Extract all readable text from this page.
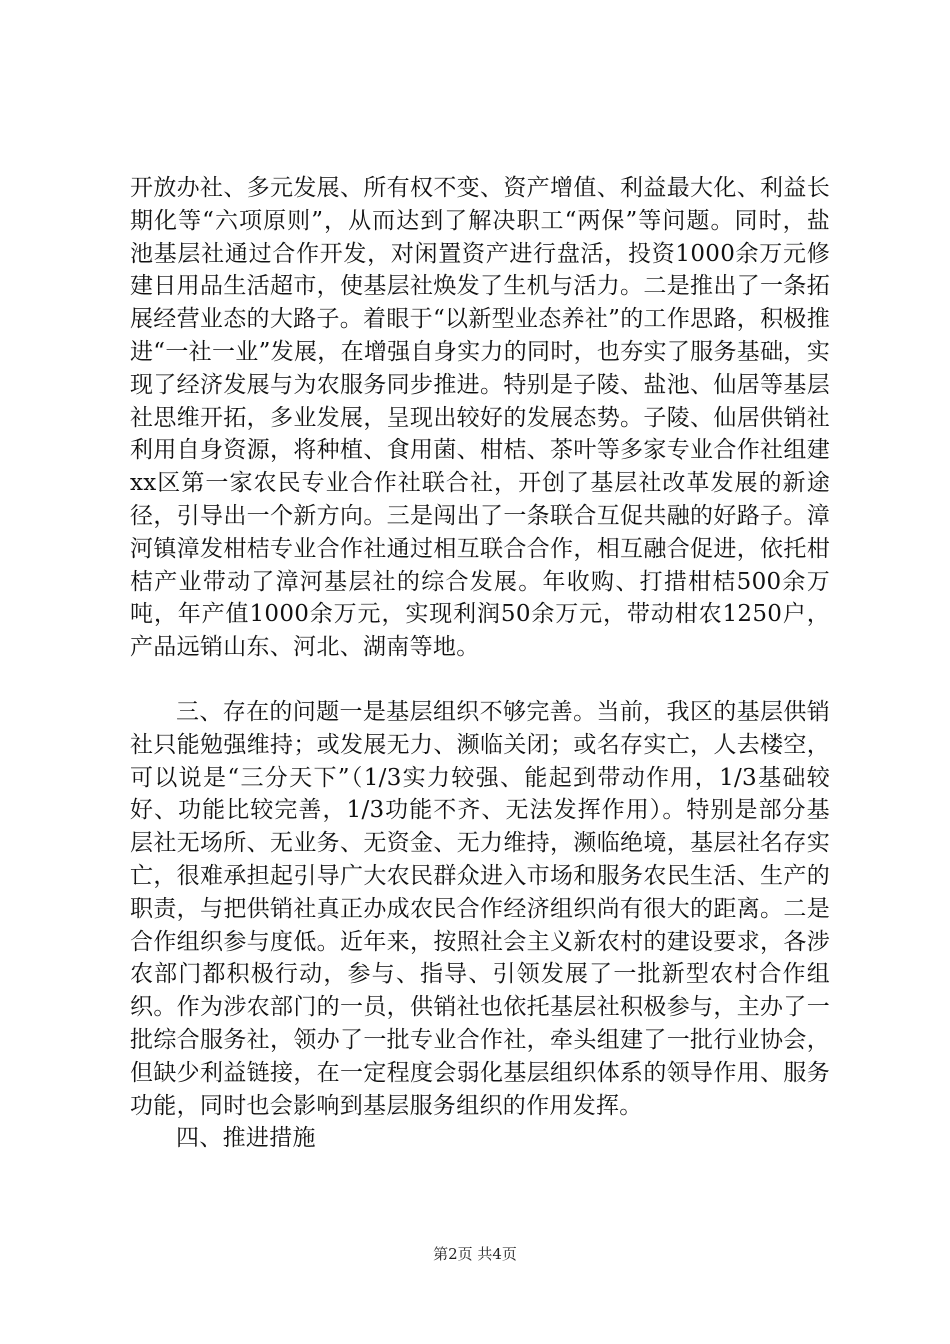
开放办社、多元发展、所有权不变、资产增值、利益最大化、利益长期化等“六项原则”，从而达到了解决职工“两保”等问题。同时，盐池基层社通过合作开发，对闲置资产进行盘活，投资1000余万元修建日用品生活超市，使基层社焕发了生机与活力。二是推出了一条拓展经营业态的大路子。着眼于“以新型业态养社”的工作思路，积极推进“一社一业”发展，在增强自身实力的同时，也夯实了服务基础，实现了经济发展与为农服务同步推进。特别是子陵、盐池、仙居等基层社思维开拓，多业发展，呈现出较好的发展态势。子陵、仙居供销社利用自身资源，将种植、食用菌、柑桔、茶叶等多家专业合作社组建xx区第一家农民专业合作社联合社，开创了基层社改革发展的新途径，引导出一个新方向。三是闯出了一条联合互促共融的好路子。漳河镇漳发柑桔专业合作社通过相互联合合作，相互融合促进，依托柑桔产业带动了漳河基层社的综合发展。年收购、打措柑桔500余万吨，年产值1000余万元，实现利润50余万元，带动柑农1250户，产品远销山东、河北、湖南等地。

三、存在的问题一是基层组织不够完善。当前，我区的基层供销社只能勉强维持；或发展无力、濒临关闭；或名存实亡，人去楼空，可以说是“三分天下”（1/3实力较强、能起到带动作用，1/3基础较好、功能比较完善，1/3功能不齐、无法发挥作用）。特别是部分基层社无场所、无业务、无资金、无力维持，濒临绝境，基层社名存实亡，很难承担起引导广大农民群众进入市场和服务农民生活、生产的职责，与把供销社真正办成农民合作经济组织尚有很大的距离。二是合作组织参与度低。近年来，按照社会主义新农村的建设要求，各涉农部门都积极行动，参与、指导、引领发展了一批新型农村合作组织。作为涉农部门的一员，供销社也依托基层社积极参与，主办了一批综合服务社，领办了一批专业合作社，牵头组建了一批行业协会，但缺少利益链接，在一定程度会弱化基层组织体系的领导作用、服务功能，同时也会影响到基层服务组织的作用发挥。

四、推进措施

第2页 共4页
